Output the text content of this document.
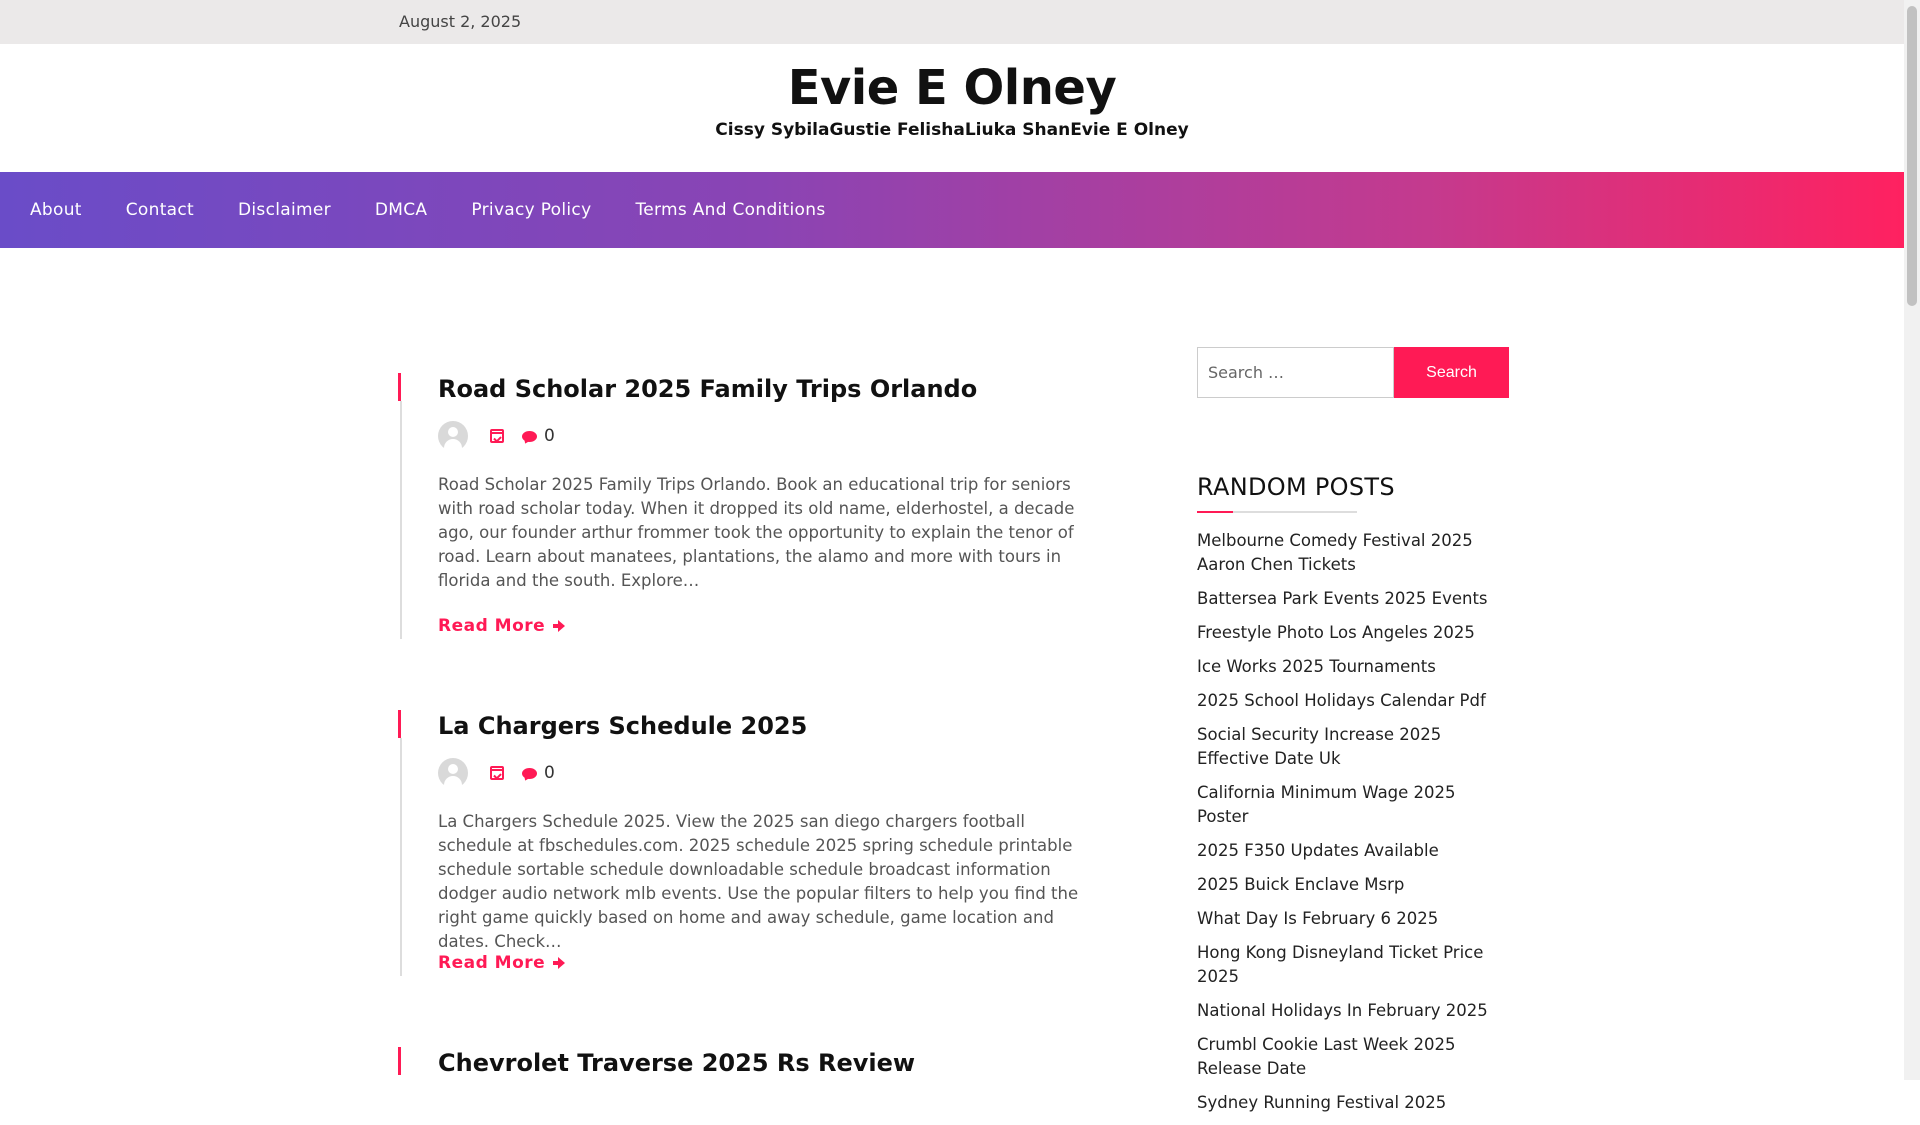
August 2, 2025
Evie E Olney
Cissy SybilaGustie FelishaLiuka ShanEvie E Olney
About	Contact	Disclaimer	DMCA	Privacy Policy	Terms And Conditions
Road Scholar 2025 Family Trips Orlando
0

Road Scholar 2025 Family Trips Orlando. Book an educational trip for seniors with road scholar today. When it dropped its old name, elderhostel, a decade ago, our founder arthur frommer took the opportunity to explain the tenor of road. Learn about manatees, plantations, the alamo and more with tours in florida and the south. Explore…

Read More
La Chargers Schedule 2025
0

La Chargers Schedule 2025. View the 2025 san diego chargers football schedule at fbschedules.com. 2025 schedule 2025 spring schedule printable schedule sortable schedule downloadable schedule broadcast information dodger audio network mlb events. Use the popular filters to help you find the right game quickly based on home and away schedule, game location and dates. Check…

Read More
Chevrolet Traverse 2025 Rs Review
Search …
Search
RANDOM POSTS
Melbourne Comedy Festival 2025 Aaron Chen Tickets
Battersea Park Events 2025 Events
Freestyle Photo Los Angeles 2025
Ice Works 2025 Tournaments
2025 School Holidays Calendar Pdf
Social Security Increase 2025 Effective Date Uk
California Minimum Wage 2025 Poster
2025 F350 Updates Available
2025 Buick Enclave Msrp
What Day Is February 6 2025
Hong Kong Disneyland Ticket Price 2025
National Holidays In February 2025
Crumbl Cookie Last Week 2025 Release Date
Sydney Running Festival 2025
